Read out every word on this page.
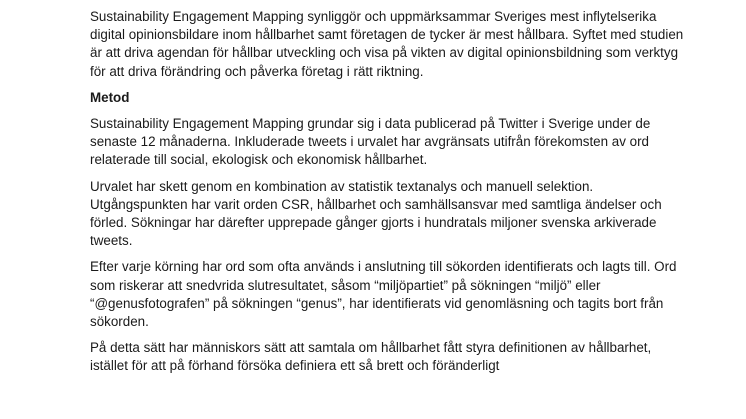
Sustainability Engagement Mapping synliggör och uppmärksammar Sveriges mest inflytelserika digital opinionsbildare inom hållbarhet samt företagen de tycker är mest hållbara. Syftet med studien är att driva agendan för hållbar utveckling och visa på vikten av digital opinionsbildning som verktyg för att driva förändring och påverka företag i rätt riktning.

Metod

Sustainability Engagement Mapping grundar sig i data publicerad på Twitter i Sverige under de senaste 12 månaderna. Inkluderade tweets i urvalet har avgränsats utifrån förekomsten av ord relaterade till social, ekologisk och ekonomisk hållbarhet.

Urvalet har skett genom en kombination av statistik textanalys och manuell selektion. Utgångspunkten har varit orden CSR, hållbarhet och samhällsansvar med samtliga ändelser och förled. Sökningar har därefter upprepade gånger gjorts i hundratals miljoner svenska arkiverade tweets.

Efter varje körning har ord som ofta används i anslutning till sökorden identifierats och lagts till. Ord som riskerar att snedvrida slutresultatet, såsom “miljöpartiet” på sökningen “miljö” eller “@genusfotografen” på sökningen “genus”, har identifierats vid genomläsning och tagits bort från sökorden.

På detta sätt har människors sätt att samtala om hållbarhet fått styra definitionen av hållbarhet, istället för att på förhand försöka definiera ett så brett och föränderligt
